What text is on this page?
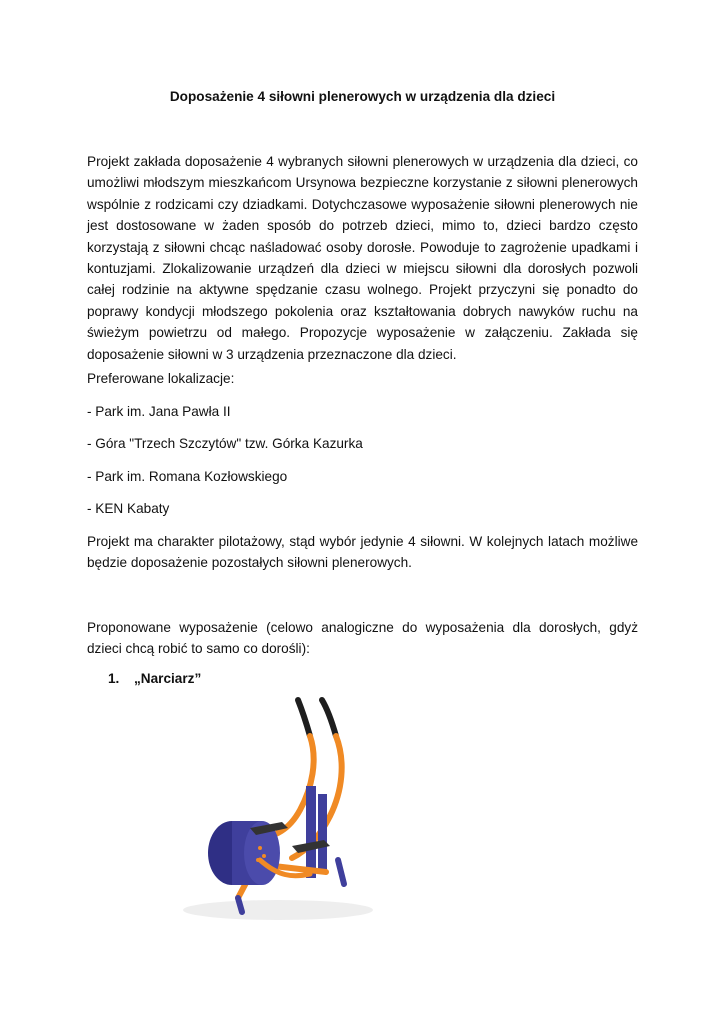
Doposażenie 4 siłowni plenerowych w urządzenia dla dzieci

Projekt zakłada doposażenie 4 wybranych siłowni plenerowych w urządzenia dla dzieci, co umożliwi młodszym mieszkańcom Ursynowa bezpieczne korzystanie z siłowni plenerowych wspólnie z rodzicami czy dziadkami. Dotychczasowe wyposażenie siłowni plenerowych nie jest dostosowane w żaden sposób do potrzeb dzieci, mimo to, dzieci bardzo często korzystają z siłowni chcąc naśladować osoby dorosłe. Powoduje to zagrożenie upadkami i kontuzjami. Zlokalizowanie urządzeń dla dzieci w miejscu siłowni dla dorosłych pozwoli całej rodzinie na aktywne spędzanie czasu wolnego. Projekt przyczyni się ponadto do poprawy kondycji młodszego pokolenia oraz kształtowania dobrych nawyków ruchu na świeżym powietrzu od małego. Propozycje wyposażenie w załączeniu. Zakłada się doposażenie siłowni w 3 urządzenia przeznaczone dla dzieci.

Preferowane lokalizacje:
- Park im. Jana Pawła II
- Góra "Trzech Szczytów" tzw. Górka Kazurka
- Park im. Romana Kozłowskiego
- KEN Kabaty

Projekt ma charakter pilotażowy, stąd wybór jedynie 4 siłowni. W kolejnych latach możliwe będzie doposażenie pozostałych siłowni plenerowych.

Proponowane wyposażenie (celowo analogiczne do wyposażenia dla dorosłych, gdyż dzieci chcą robić to samo co dorośli):

1. „Narciarz”
